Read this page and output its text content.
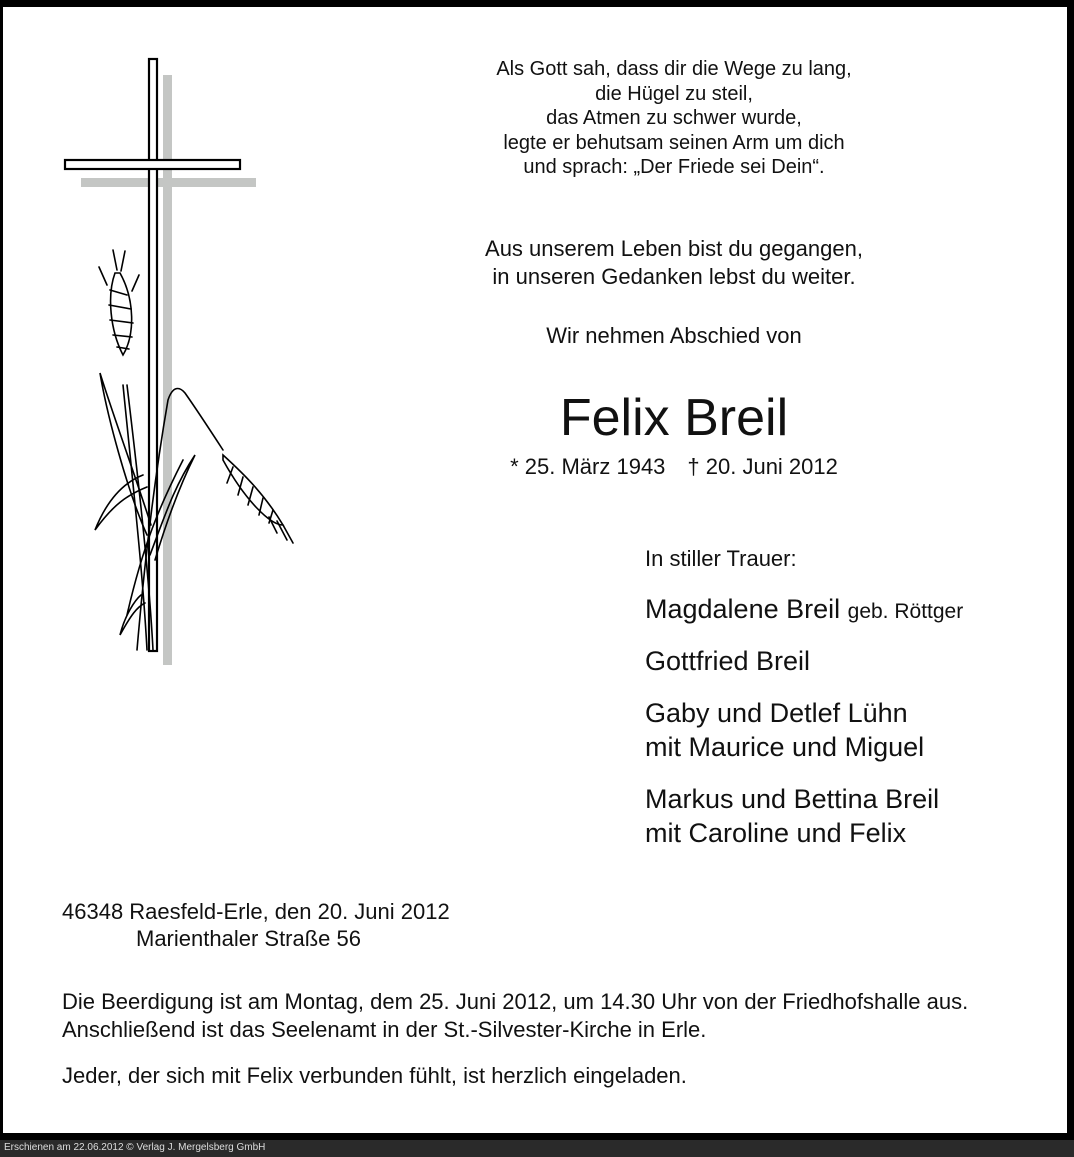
Als Gott sah, dass dir die Wege zu lang,
die Hügel zu steil,
das Atmen zu schwer wurde,
legte er behutsam seinen Arm um dich
und sprach: „Der Friede sei Dein“.
Aus unserem Leben bist du gegangen,
in unseren Gedanken lebst du weiter.
Wir nehmen Abschied von
Felix Breil
* 25. März 1943 † 20. Juni 2012
In stiller Trauer:
Magdalene Breil geb. Röttger
Gottfried Breil
Gaby und Detlef Lühn
mit Maurice und Miguel
Markus und Bettina Breil
mit Caroline und Felix
46348 Raesfeld-Erle, den 20. Juni 2012
Marienthaler Straße 56
Die Beerdigung ist am Montag, dem 25. Juni 2012, um 14.30 Uhr von der Friedhofshalle aus. Anschließend ist das Seelenamt in der St.-Silvester-Kirche in Erle.
Jeder, der sich mit Felix verbunden fühlt, ist herzlich eingeladen.
Erschienen am 22.06.2012 © Verlag J. Mergelsberg GmbH
